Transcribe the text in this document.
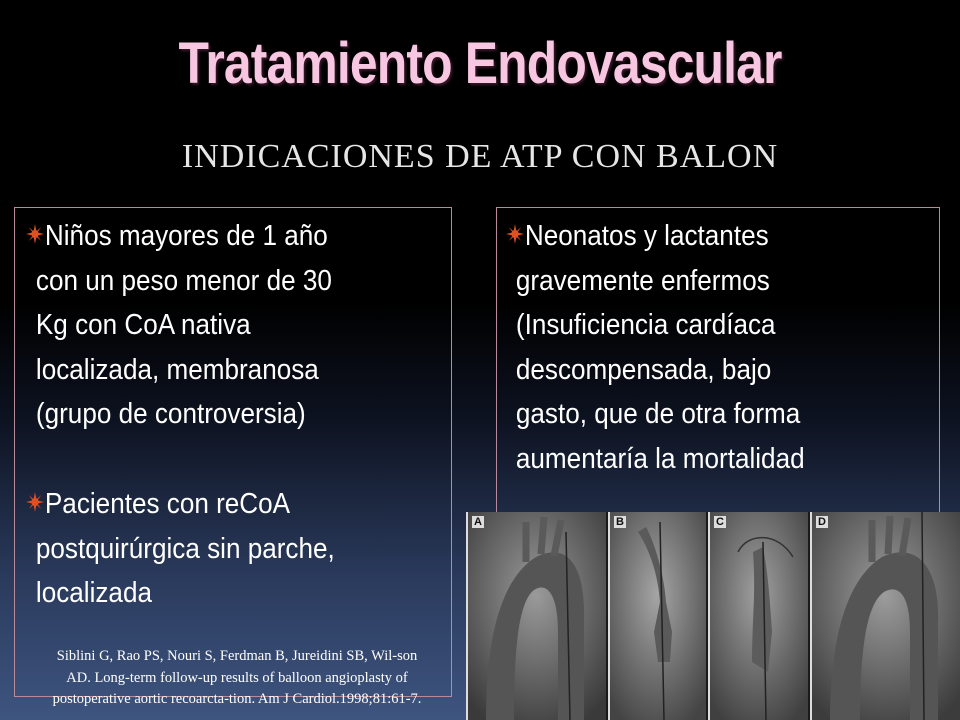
Tratamiento Endovascular
INDICACIONES DE ATP CON BALON
Niños mayores de 1 año
con un peso menor de 30
Kg con CoA nativa
localizada, membranosa
(grupo de controversia)
Pacientes con reCoA
postquirúrgica sin parche,
localizada
Neonatos y lactantes
gravemente enfermos
(Insuficiencia cardíaca
descompensada, bajo
gasto, que de otra forma
aumentaría la mortalidad
A	B	C	D
Siblini G, Rao PS, Nouri S, Ferdman B, Jureidini SB, Wil-son
AD. Long-term follow-up results of balloon angioplasty of
postoperative aortic recoarcta-tion. Am J Cardiol.1998;81:61-7.
